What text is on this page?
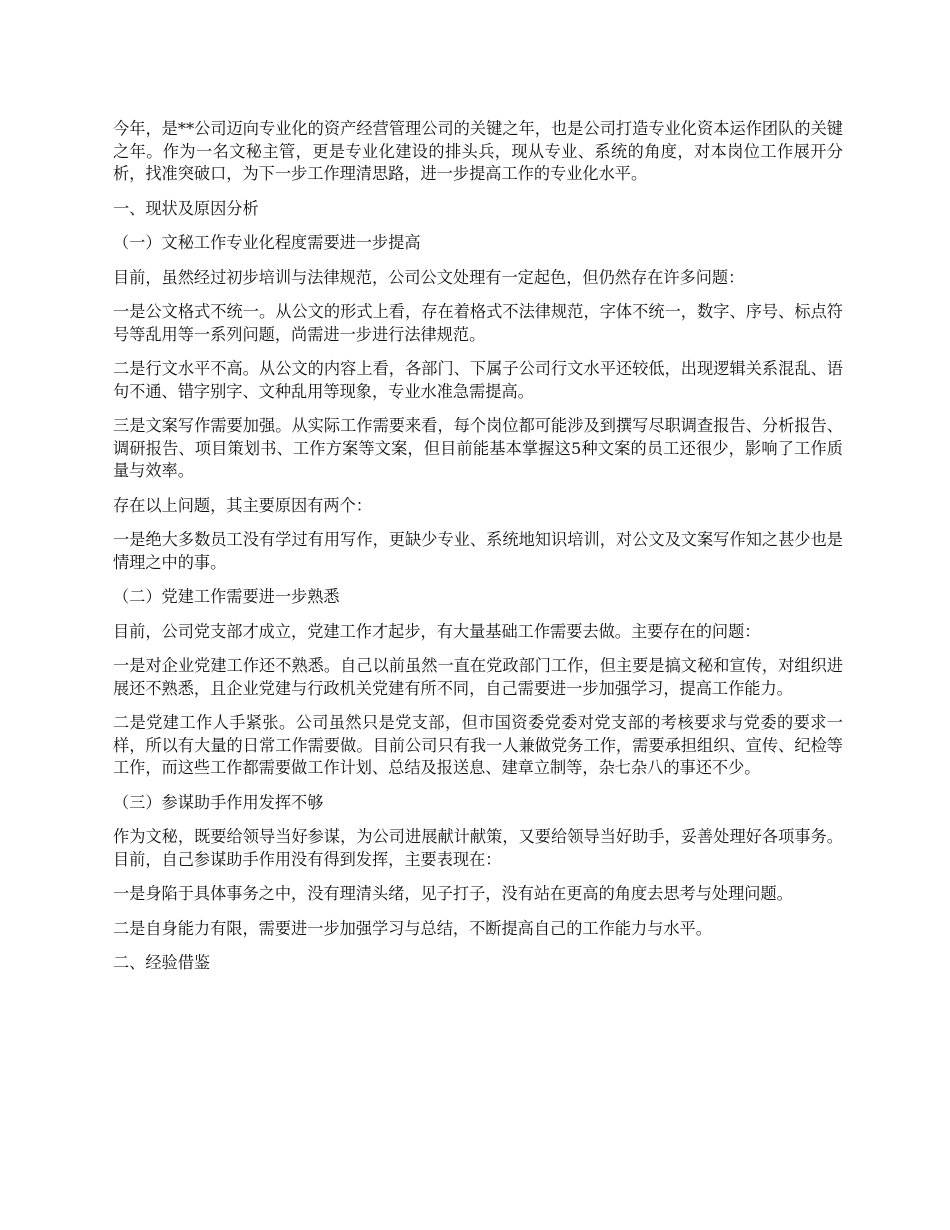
今年，是**公司迈向专业化的资产经营管理公司的关键之年，也是公司打造专业化资本运作团队的关键之年。作为一名文秘主管，更是专业化建设的排头兵，现从专业、系统的角度，对本岗位工作展开分析，找准突破口，为下一步工作理清思路，进一步提高工作的专业化水平。

一、现状及原因分析

（一）文秘工作专业化程度需要进一步提高

目前，虽然经过初步培训与法律规范，公司公文处理有一定起色，但仍然存在许多问题：

一是公文格式不统一。从公文的形式上看，存在着格式不法律规范，字体不统一，数字、序号、标点符号等乱用等一系列问题，尚需进一步进行法律规范。

二是行文水平不高。从公文的内容上看，各部门、下属子公司行文水平还较低，出现逻辑关系混乱、语句不通、错字别字、文种乱用等现象，专业水准急需提高。

三是文案写作需要加强。从实际工作需要来看，每个岗位都可能涉及到撰写尽职调查报告、分析报告、调研报告、项目策划书、工作方案等文案，但目前能基本掌握这5种文案的员工还很少，影响了工作质量与效率。

存在以上问题，其主要原因有两个：

一是绝大多数员工没有学过有用写作，更缺少专业、系统地知识培训，对公文及文案写作知之甚少也是情理之中的事。

（二）党建工作需要进一步熟悉

目前，公司党支部才成立，党建工作才起步，有大量基础工作需要去做。主要存在的问题：

一是对企业党建工作还不熟悉。自己以前虽然一直在党政部门工作，但主要是搞文秘和宣传，对组织进展还不熟悉，且企业党建与行政机关党建有所不同，自己需要进一步加强学习，提高工作能力。

二是党建工作人手紧张。公司虽然只是党支部，但市国资委党委对党支部的考核要求与党委的要求一样，所以有大量的日常工作需要做。目前公司只有我一人兼做党务工作，需要承担组织、宣传、纪检等工作，而这些工作都需要做工作计划、总结及报送息、建章立制等，杂七杂八的事还不少。

（三）参谋助手作用发挥不够

作为文秘，既要给领导当好参谋，为公司进展献计献策，又要给领导当好助手，妥善处理好各项事务。目前，自己参谋助手作用没有得到发挥，主要表现在：

一是身陷于具体事务之中，没有理清头绪，见子打子，没有站在更高的角度去思考与处理问题。

二是自身能力有限，需要进一步加强学习与总结，不断提高自己的工作能力与水平。

二、经验借鉴
